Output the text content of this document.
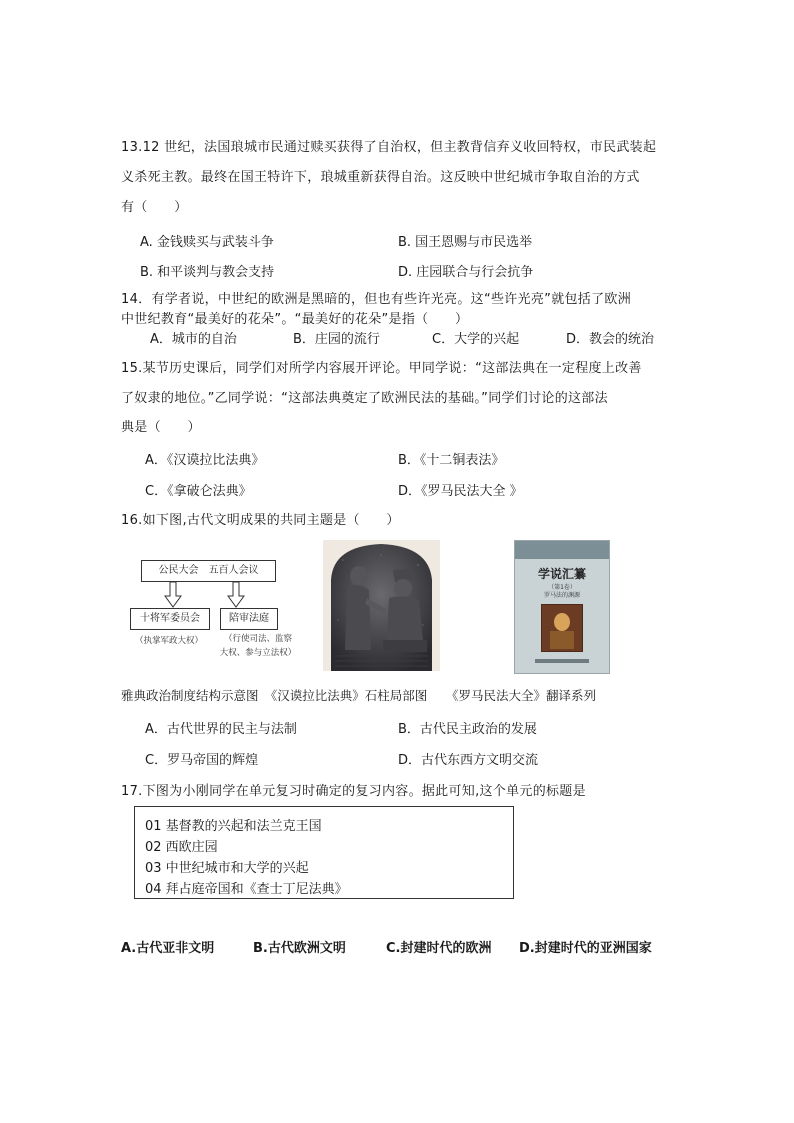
13.12 世纪，法国琅城市民通过赎买获得了自治权，但主教背信弃义收回特权，市民武装起
义杀死主教。最终在国王特许下，琅城重新获得自治。这反映中世纪城市争取自治的方式
有（　　）
A. 金钱赎买与武装斗争	B. 国王恩赐与市民选举
B. 和平谈判与教会支持	D. 庄园联合与行会抗争
14．有学者说，中世纪的欧洲是黑暗的，但也有些许光亮。这“些许光亮”就包括了欧洲
中世纪教育“最美好的花朵”。“最美好的花朵”是指（　　）
A．城市的自治	B．庄园的流行	C．大学的兴起	D．教会的统治
15.某节历史课后，同学们对所学内容展开评论。甲同学说：“这部法典在一定程度上改善
了奴隶的地位。”乙同学说：“这部法典奠定了欧洲民法的基础。”同学们讨论的这部法
典是（　　）
A．《汉谟拉比法典》	B．《十二铜表法》
C．《拿破仑法典》	D．《罗马民法大全 》
16.如下图,古代文明成果的共同主题是（　　）
公民大会　五百人会议
十将军委员会
（执掌军政大权）
陪审法庭
（行使司法、监察
大权、参与立法权）
学说汇纂
（第1卷）
罗马法的渊源
雅典政治制度结构示意图　《汉谟拉比法典》石柱局部图　　《罗马民法大全》翻译系列
A．古代世界的民主与法制	B．古代民主政治的发展
C．罗马帝国的辉煌	D．古代东西方文明交流
17.下图为小刚同学在单元复习时确定的复习内容。据此可知,这个单元的标题是
01 基督教的兴起和法兰克王国
02 西欧庄园
03 中世纪城市和大学的兴起
04 拜占庭帝国和《查士丁尼法典》
A.古代亚非文明	B.古代欧洲文明	C.封建时代的欧洲 D.封建时代的亚洲国家
